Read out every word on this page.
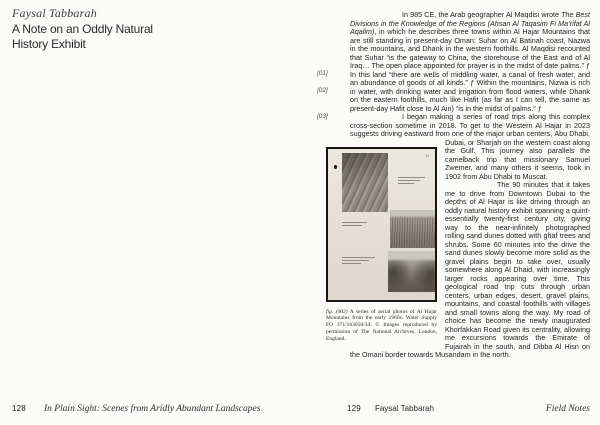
Faysal Tabbarah
A Note on an Oddly Natural
History Exhibit
128 In Plain Sight: Scenes from Aridly Abundant Landscapes
[01]
[02]
[03]

In 985 CE, the Arab geographer Al Maqdisi wrote The Best Divisions in the Knowledge of the Regions (Aḥsan Al Taqasim Fi Ma’rifat Al Aqalim), in which he describes three towns within Al Hajar Mountains that are still standing in present-day Oman: Suhar on Al Batinah coast, Nazwa in the mountains, and Dhank in the western foothills. Al Maqdisi recounted that Suhar “is the gateway to China, the storehouse of the East and of Al Iraq… The open place appointed for prayer is in the midst of date palms.” ƒ In this land “there are wells of middling water, a canal of fresh water, and an abundance of goods of all kinds.” ƒ Within the mountains, Nizwa is rich in water, with drinking water and irrigation from flood waters, while Dhank on the eastern foothills, much like Hafit (as far as I can tell, the same as present-day Hafit close to Al Ain) “is in the midst of palms.” ƒ

I began making a series of road trips along this complex cross-section sometime in 2018. To get to the Western Al Hajar in 2023 suggests driving eastward from one of the major urban centers,
11
fig. (002) A series of aerial photos of Al Hajar Mountains from the early 1960s. Water Supply FO 371/163058/34. © Images reproduced by permission of The National Archives, London, England.
Abu Dhabi, Dubai, or Sharjah on the western coast along the Gulf. This journey also parallels the camelback trip that missionary Samuel Zwemer, and many others it seems, took in 1902 from Abu Dhabi to Muscat.

The 90 minutes that it takes me to drive from Downtown Dubai to the depths of Al Hajar is like driving through an oddly natural history exhibit spanning a quintessentially twenty-first century city, giving way to the near-infinitely photographed rolling sand dunes dotted with ghaf trees and shrubs. Some 60 minutes into the drive the sand dunes slowly become more solid as the gravel plains begin to take over, usually somewhere along Al Dhaid, with increasingly larger rocks appearing over time. This geological road trip cuts through urban centers, urban edges, desert, gravel plains, mountains, and coastal foothills with villages and small towns along the way. My road of choice has become the newly inaugurated Khorfakkan Road given its centrality, allowing me excursions towards the Emirate of Fujairah in the south, and Dibba Al Hisn on the Omani border towards Musandam in the north.

129 Faysal Tabbarah	Field Notes
